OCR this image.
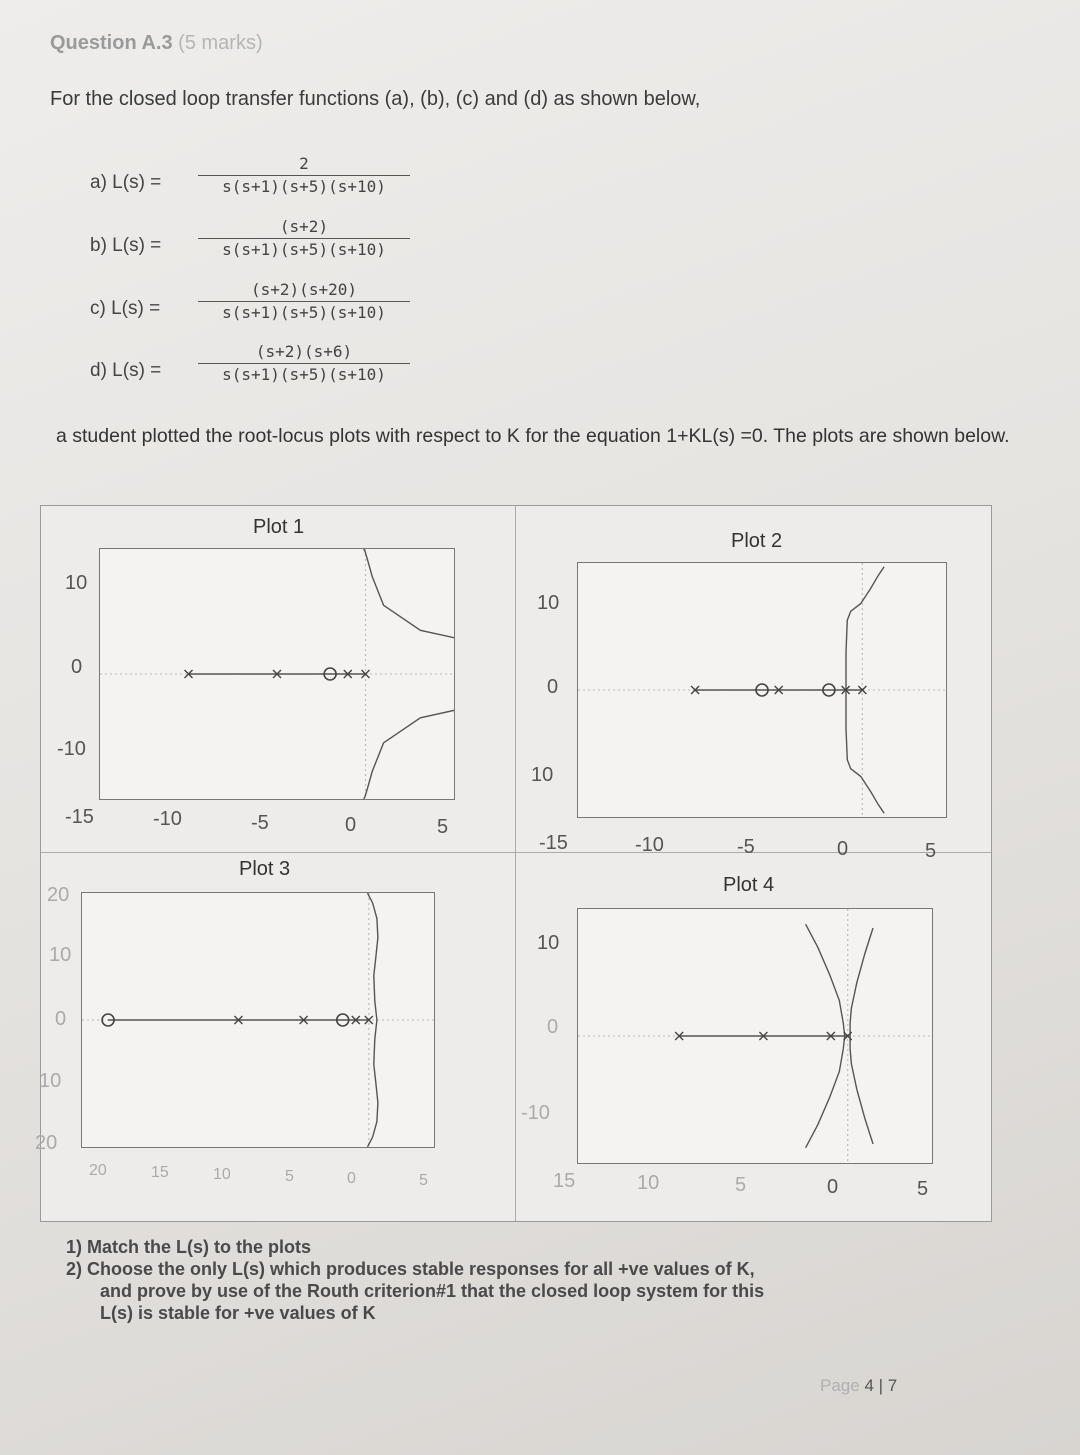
Question A.3 (5 marks)
For the closed loop transfer functions (a), (b), (c) and (d) as shown below,
a) L(s) =
2
s(s+1)(s+5)(s+10)
b) L(s) =
(s+2)
s(s+1)(s+5)(s+10)
c) L(s) =
(s+2)(s+20)
s(s+1)(s+5)(s+10)
d) L(s) =
(s+2)(s+6)
s(s+1)(s+5)(s+10)
a student plotted the root-locus plots with respect to K for the equation 1+KL(s) =0. The plots are shown below.
Plot 1
10
0
-10
-15	-10	-5	0	5
Plot 2
10
0
10
-15	-10	-5	0	5
Plot 3
20
10
0
10
20
20	15	10	5	0	5
Plot 4
10
0
-10
15	10	5	0	5
1) Match the L(s) to the plots
2) Choose the only L(s) which produces stable responses for all +ve values of K,
and prove by use of the Routh criterion#1 that the closed loop system for this
L(s) is stable for +ve values of K
Page 4 | 7
